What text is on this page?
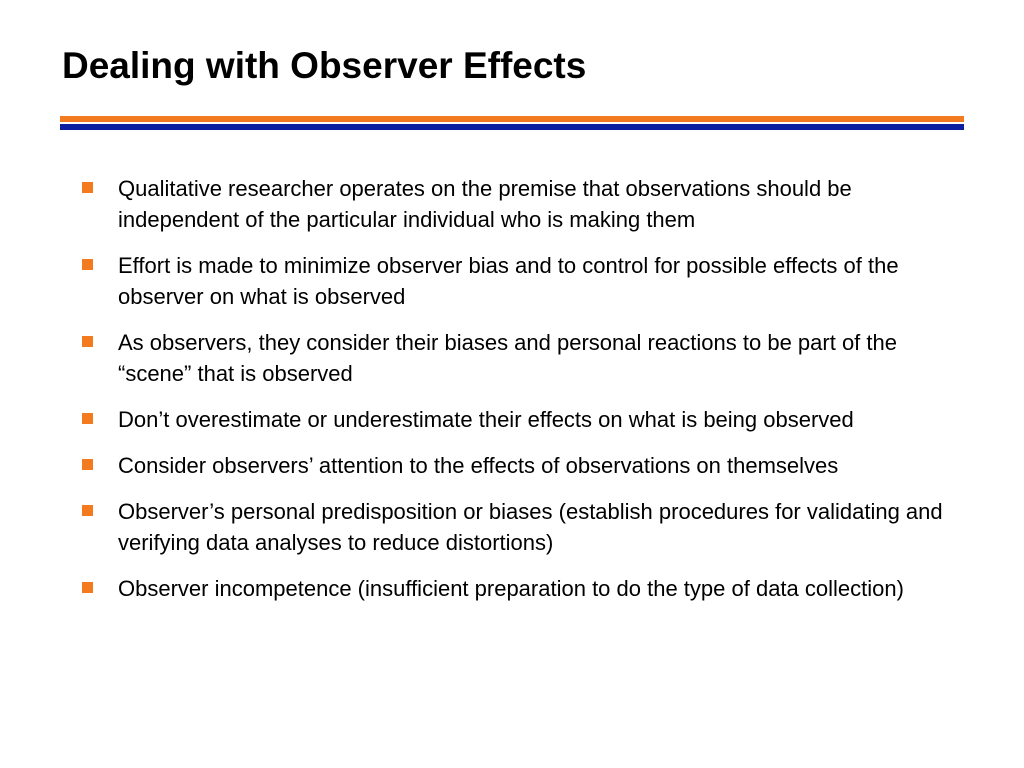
Dealing with Observer Effects
Qualitative researcher operates on the premise that observations should be independent of the particular individual who is making them
Effort is made to minimize observer bias and to control for possible effects of the observer on what is observed
As observers, they consider their biases and personal reactions to be part of the “scene” that is observed
Don’t overestimate or underestimate their effects on what is being observed
Consider observers’ attention to the effects of observations on themselves
Observer’s personal predisposition or biases (establish procedures for validating and verifying data analyses to reduce distortions)
Observer incompetence (insufficient preparation to do the type of data collection)
